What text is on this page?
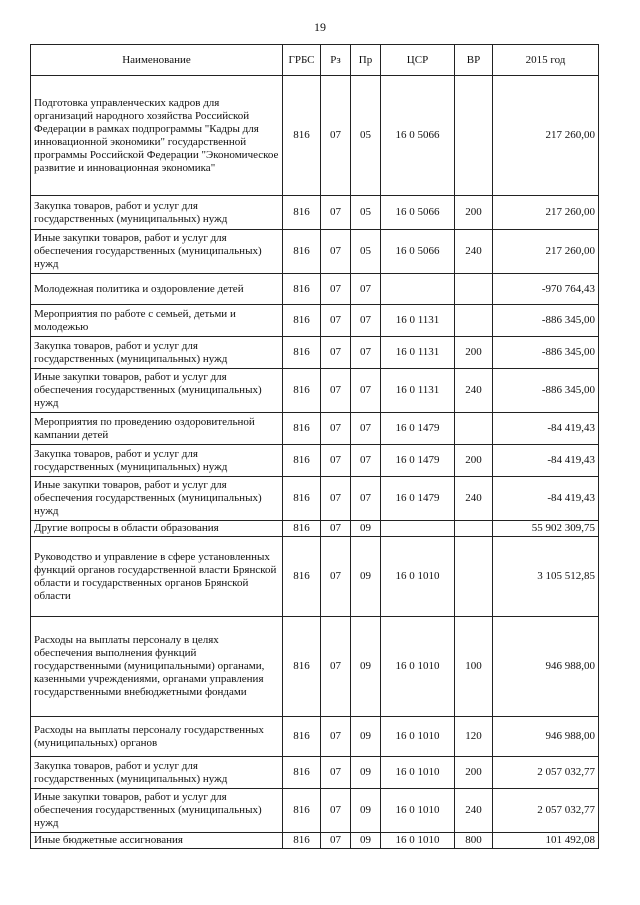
19
Наименование	ГРБС	Рз	Пр	ЦСР	ВР	2015 год
Подготовка управленческих кадров для организаций народного хозяйства Российской Федерации в рамках подпрограммы "Кадры для инновационной экономики" государственной программы Российской Федерации "Экономическое развитие и инновационная экономика"	816	07	05	16 0 5066		217 260,00
Закупка товаров, работ и услуг для государственных (муниципальных) нужд	816	07	05	16 0 5066	200	217 260,00
Иные закупки товаров, работ и услуг для обеспечения государственных (муниципальных) нужд	816	07	05	16 0 5066	240	217 260,00
Молодежная политика и оздоровление детей	816	07	07			-970 764,43
Мероприятия по работе с семьей, детьми и молодежью	816	07	07	16 0 1131		-886 345,00
Закупка товаров, работ и услуг для государственных (муниципальных) нужд	816	07	07	16 0 1131	200	-886 345,00
Иные закупки товаров, работ и услуг для обеспечения государственных (муниципальных) нужд	816	07	07	16 0 1131	240	-886 345,00
Мероприятия по проведению оздоровительной кампании детей	816	07	07	16 0 1479		-84 419,43
Закупка товаров, работ и услуг для государственных (муниципальных) нужд	816	07	07	16 0 1479	200	-84 419,43
Иные закупки товаров, работ и услуг для обеспечения государственных (муниципальных) нужд	816	07	07	16 0 1479	240	-84 419,43
Другие вопросы в области образования	816	07	09			55 902 309,75
Руководство и управление в сфере установленных функций органов государственной власти Брянской области и государственных органов Брянской области	816	07	09	16 0 1010		3 105 512,85
Расходы на выплаты персоналу в целях обеспечения выполнения функций государственными (муниципальными) органами, казенными учреждениями, органами управления государственными внебюджетными фондами	816	07	09	16 0 1010	100	946 988,00
Расходы на выплаты персоналу государственных (муниципальных) органов	816	07	09	16 0 1010	120	946 988,00
Закупка товаров, работ и услуг для государственных (муниципальных) нужд	816	07	09	16 0 1010	200	2 057 032,77
Иные закупки товаров, работ и услуг для обеспечения государственных (муниципальных) нужд	816	07	09	16 0 1010	240	2 057 032,77
Иные бюджетные ассигнования	816	07	09	16 0 1010	800	101 492,08
